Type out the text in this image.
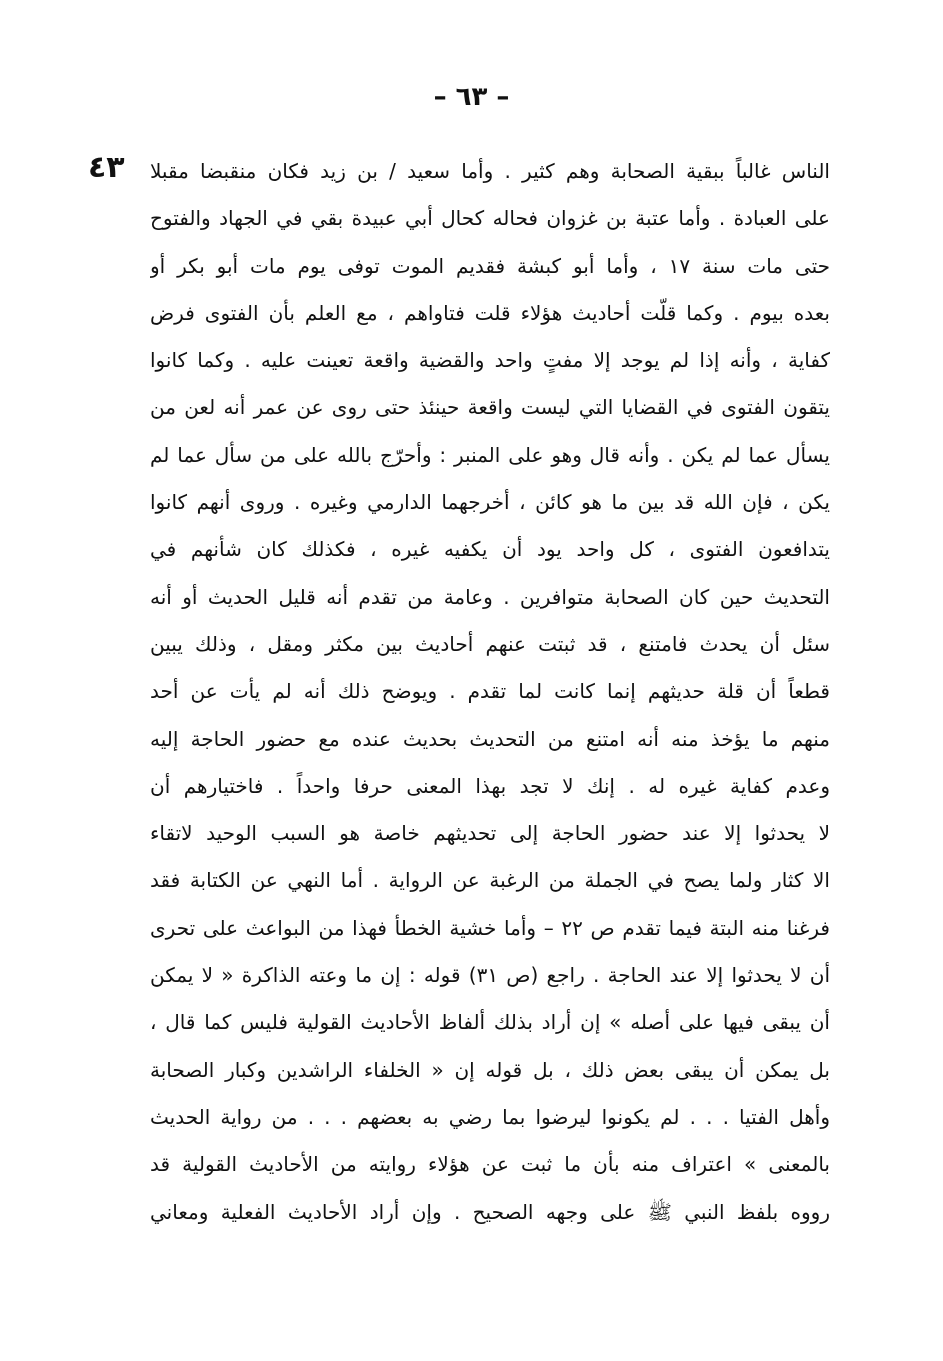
– ٦٣ –
٤٣ الناس غالباً ببقية الصحابة وهم كثير . وأما سعيد / بن زيد فكان منقبضا مقبلا
على العبادة . وأما عتبة بن غزوان فحاله كحال أبي عبيدة بقي في الجهاد والفتوح
حتى مات سنة ١٧ ، وأما أبو كبشة فقديم الموت توفى يوم مات أبو بكر أو
بعده بيوم . وكما قلّت أحاديث هؤلاء قلت فتاواهم ، مع العلم بأن الفتوى فرض
كفاية ، وأنه إذا لم يوجد إلا مفتٍ واحد والقضية واقعة تعينت عليه . وكما كانوا
يتقون الفتوى في القضايا التي ليست واقعة حينئذ حتى روى عن عمر أنه لعن من
يسأل عما لم يكن . وأنه قال وهو على المنبر : وأحرّج بالله على من سأل عما لم
يكن ، فإن الله قد بين ما هو كائن ، أخرجهما الدارمي وغيره . وروى أنهم كانوا
يتدافعون الفتوى ، كل واحد يود أن يكفيه غيره ، فكذلك كان شأنهم في
التحديث حين كان الصحابة متوافرين . وعامة من تقدم أنه قليل الحديث أو أنه
سئل أن يحدث فامتنع ، قد ثبتت عنهم أحاديث بين مكثر ومقل ، وذلك يبين
قطعاً أن قلة حديثهم إنما كانت لما تقدم . ويوضح ذلك أنه لم يأت عن أحد
منهم ما يؤخذ منه أنه امتنع من التحديث بحديث عنده مع حضور الحاجة إليه
وعدم كفاية غيره له . إنك لا تجد بهذا المعنى حرفا واحداً . فاختيارهم أن
لا يحدثوا إلا عند حضور الحاجة إلى تحديثهم خاصة هو السبب الوحيد لاتقاء
الا كثار ولما يصح في الجملة من الرغبة عن الرواية . أما النهي عن الكتابة فقد
فرغنا منه البتة فيما تقدم ص ٢٢ – وأما خشية الخطأ فهذا من البواعث على تحرى
أن لا يحدثوا إلا عند الحاجة . راجع (ص ٣١) قوله : إن ما وعته الذاكرة « لا يمكن
أن يبقى فيها على أصله » إن أراد بذلك ألفاظ الأحاديث القولية فليس كما قال ،
بل يمكن أن يبقى بعض ذلك ، بل قوله إن « الخلفاء الراشدين وكبار الصحابة
وأهل الفتيا . . . لم يكونوا ليرضوا بما رضي به بعضهم . . . من رواية الحديث
بالمعنى » اعتراف منه بأن ما ثبت عن هؤلاء روايته من الأحاديث القولية قد
رووه بلفظ النبي ﷺ على وجهه الصحيح . وإن أراد الأحاديث الفعلية ومعاني
